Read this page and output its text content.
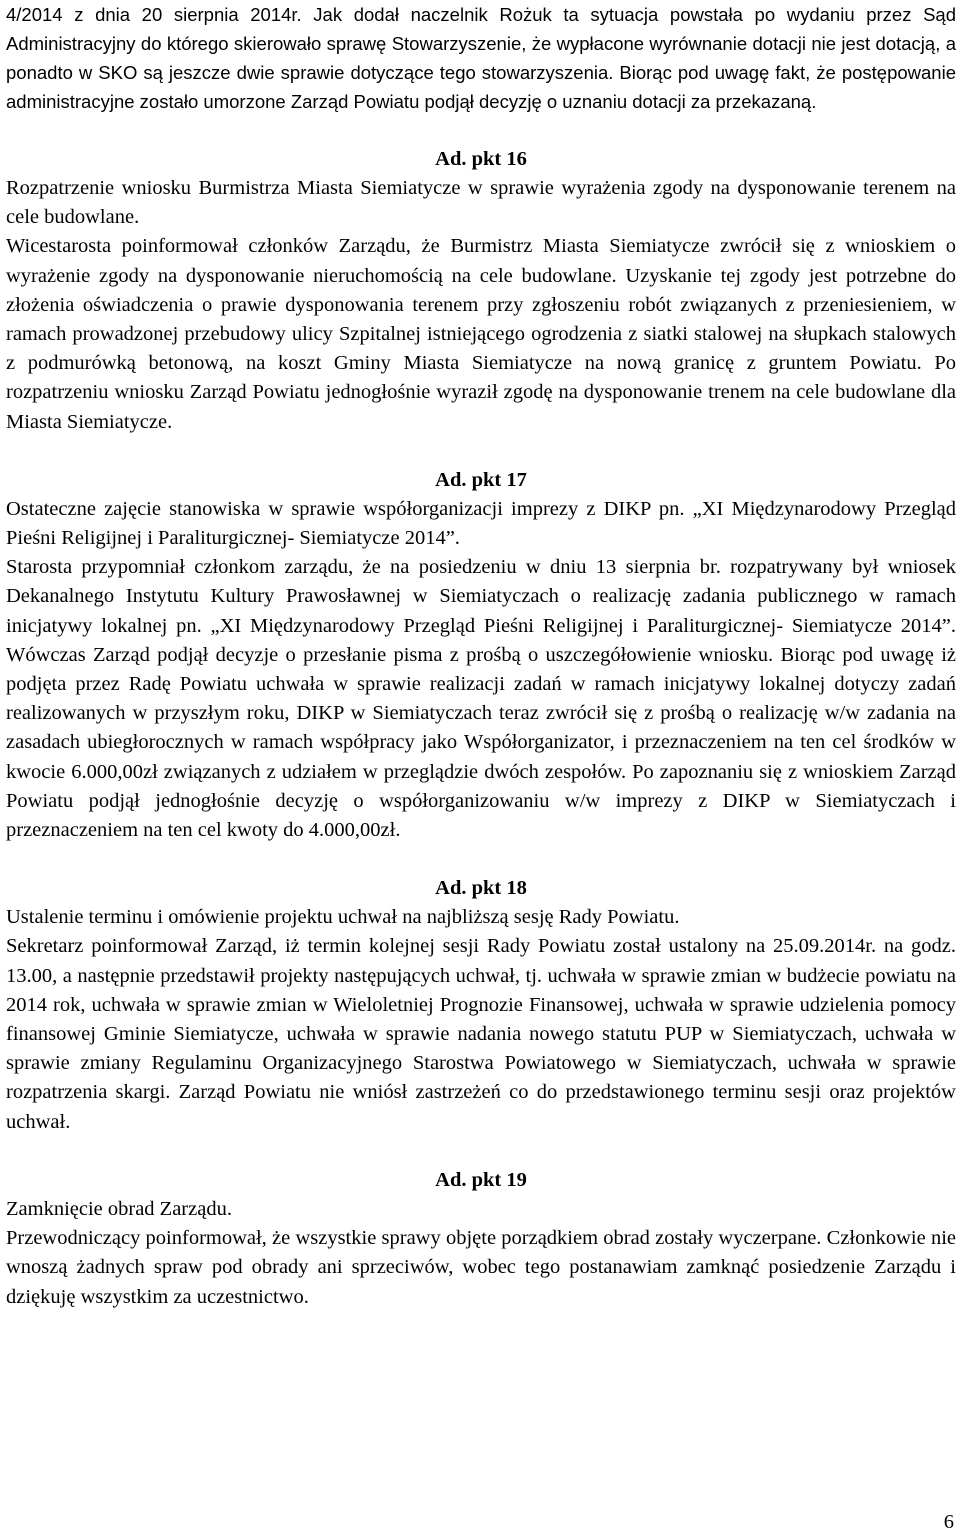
4/2014 z dnia 20 sierpnia 2014r. Jak dodał naczelnik Rożuk ta sytuacja powstała po wydaniu przez Sąd Administracyjny do którego skierowało sprawę Stowarzyszenie, że wypłacone wyrównanie dotacji nie jest dotacją, a ponadto w SKO są jeszcze dwie sprawie dotyczące tego stowarzyszenia. Biorąc pod uwagę fakt, że postępowanie administracyjne zostało umorzone Zarząd Powiatu podjął decyzję o uznaniu dotacji za przekazaną.

Ad. pkt 16

Rozpatrzenie wniosku Burmistrza Miasta Siemiatycze w sprawie wyrażenia zgody na dysponowanie terenem na cele budowlane.

Wicestarosta poinformował członków Zarządu, że Burmistrz Miasta Siemiatycze zwrócił się z wnioskiem o wyrażenie zgody na dysponowanie nieruchomością na cele budowlane. Uzyskanie tej zgody jest potrzebne do złożenia oświadczenia o prawie dysponowania terenem przy zgłoszeniu robót związanych z przeniesieniem, w ramach prowadzonej przebudowy ulicy Szpitalnej istniejącego ogrodzenia z siatki stalowej na słupkach stalowych z podmurówką betonową, na koszt Gminy Miasta Siemiatycze na nową granicę z gruntem Powiatu. Po rozpatrzeniu wniosku Zarząd Powiatu jednogłośnie wyraził zgodę na dysponowanie trenem na cele budowlane dla Miasta Siemiatycze.

Ad. pkt 17

Ostateczne zajęcie stanowiska w sprawie współorganizacji imprezy z DIKP pn. „XI Międzynarodowy Przegląd Pieśni Religijnej i Paraliturgicznej- Siemiatycze 2014”.

Starosta przypomniał członkom zarządu, że na posiedzeniu w dniu 13 sierpnia br. rozpatrywany był wniosek Dekanalnego Instytutu Kultury Prawosławnej w Siemiatyczach o realizację zadania publicznego w ramach inicjatywy lokalnej pn. „XI Międzynarodowy Przegląd Pieśni Religijnej i Paraliturgicznej- Siemiatycze 2014”. Wówczas Zarząd podjął decyzje o przesłanie pisma z prośbą o uszczegółowienie wniosku. Biorąc pod uwagę iż podjęta przez Radę Powiatu uchwała w sprawie realizacji zadań w ramach inicjatywy lokalnej dotyczy zadań realizowanych w przyszłym roku, DIKP w Siemiatyczach teraz zwrócił się z prośbą o realizację w/w zadania na zasadach ubiegłorocznych w ramach współpracy jako Współorganizator, i przeznaczeniem na ten cel środków w kwocie 6.000,00zł związanych z udziałem w przeglądzie dwóch zespołów. Po zapoznaniu się z wnioskiem Zarząd Powiatu podjął jednogłośnie decyzję o współorganizowaniu w/w imprezy z DIKP w Siemiatyczach i przeznaczeniem na ten cel kwoty do 4.000,00zł.

Ad. pkt 18

Ustalenie terminu i omówienie projektu uchwał na najbliższą sesję Rady Powiatu.

Sekretarz poinformował Zarząd, iż termin kolejnej sesji Rady Powiatu został ustalony na 25.09.2014r. na godz. 13.00, a następnie przedstawił projekty następujących uchwał, tj. uchwała w sprawie zmian w budżecie powiatu na 2014 rok, uchwała w sprawie zmian w Wieloletniej Prognozie Finansowej, uchwała w sprawie udzielenia pomocy finansowej Gminie Siemiatycze, uchwała w sprawie nadania nowego statutu PUP w Siemiatyczach, uchwała w sprawie zmiany Regulaminu Organizacyjnego Starostwa Powiatowego w Siemiatyczach, uchwała w sprawie rozpatrzenia skargi. Zarząd Powiatu nie wniósł zastrzeżeń co do przedstawionego terminu sesji oraz projektów uchwał.

Ad. pkt 19

Zamknięcie obrad Zarządu.

Przewodniczący poinformował, że wszystkie sprawy objęte porządkiem obrad zostały wyczerpane. Członkowie nie wnoszą żadnych spraw pod obrady ani sprzeciwów, wobec tego postanawiam zamknąć posiedzenie Zarządu i dziękuję wszystkim za uczestnictwo.

6
